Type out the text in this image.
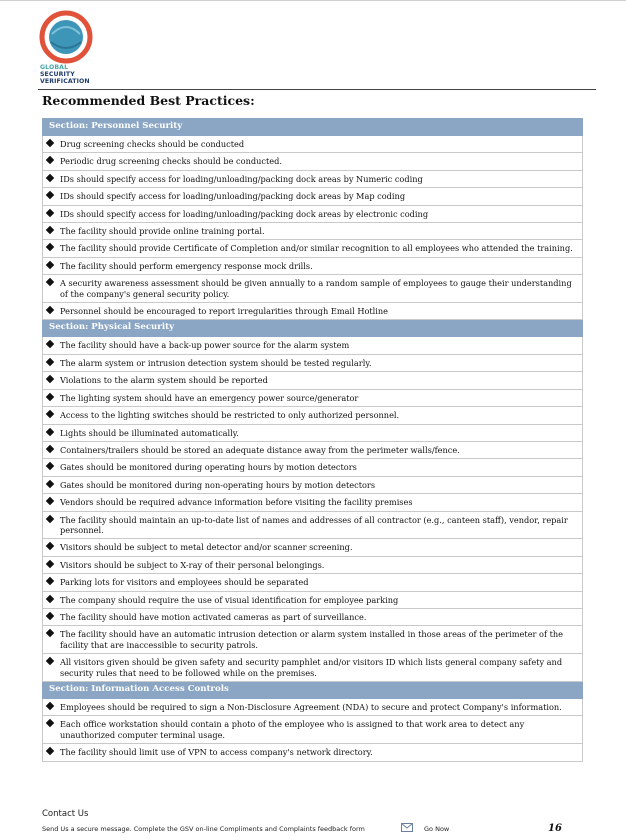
GLOBAL
SECURITY
VERIFICATION
Recommended Best Practices:
Section: Personnel Security

Drug screening checks should be conducted

Periodic drug screening checks should be conducted.

IDs should specify access for loading/unloading/packing dock areas by Numeric coding

IDs should specify access for loading/unloading/packing dock areas by Map coding

IDs should specify access for loading/unloading/packing dock areas by electronic coding

The facility should provide online training portal.

The facility should provide Certificate of Completion and/or similar recognition to all employees who attended the training.

The facility should perform emergency response mock drills.

A security awareness assessment should be given annually to a random sample of employees to gauge their understanding of the company's general security policy.

Personnel should be encouraged to report irregularities through Email Hotline
Section: Physical Security

The facility should have a back-up power source for the alarm system

The alarm system or intrusion detection system should be tested regularly.

Violations to the alarm system should be reported

The lighting system should have an emergency power source/generator

Access to the lighting switches should be restricted to only authorized personnel.

Lights should be illuminated automatically.

Containers/trailers should be stored an adequate distance away from the perimeter walls/fence.

Gates should be monitored during operating hours by motion detectors

Gates should be monitored during non-operating hours by motion detectors

Vendors should be required advance information before visiting the facility premises

The facility should maintain an up-to-date list of names and addresses of all contractor (e.g., canteen staff), vendor, repair personnel.

Visitors should be subject to metal detector and/or scanner screening.

Visitors should be subject to X-ray of their personal belongings.

Parking lots for visitors and employees should be separated

The company should require the use of visual identification for employee parking

The facility should have motion activated cameras as part of surveillance.

The facility should have an automatic intrusion detection or alarm system installed in those areas of the perimeter of the facility that are inaccessible to security patrols.

All visitors given should be given safety and security pamphlet and/or visitors ID which lists general company safety and security rules that need to be followed while on the premises.
Section: Information Access Controls

Employees should be required to sign a Non-Disclosure Agreement (NDA) to secure and protect Company's information.

Each office workstation should contain a photo of the employee who is assigned to that work area to detect any unauthorized computer terminal usage.

The facility should limit use of VPN to access company's network directory.
Contact Us
Send Us a secure message. Complete the GSV on-line Compliments and Complaints feedback form	Go Now	16
